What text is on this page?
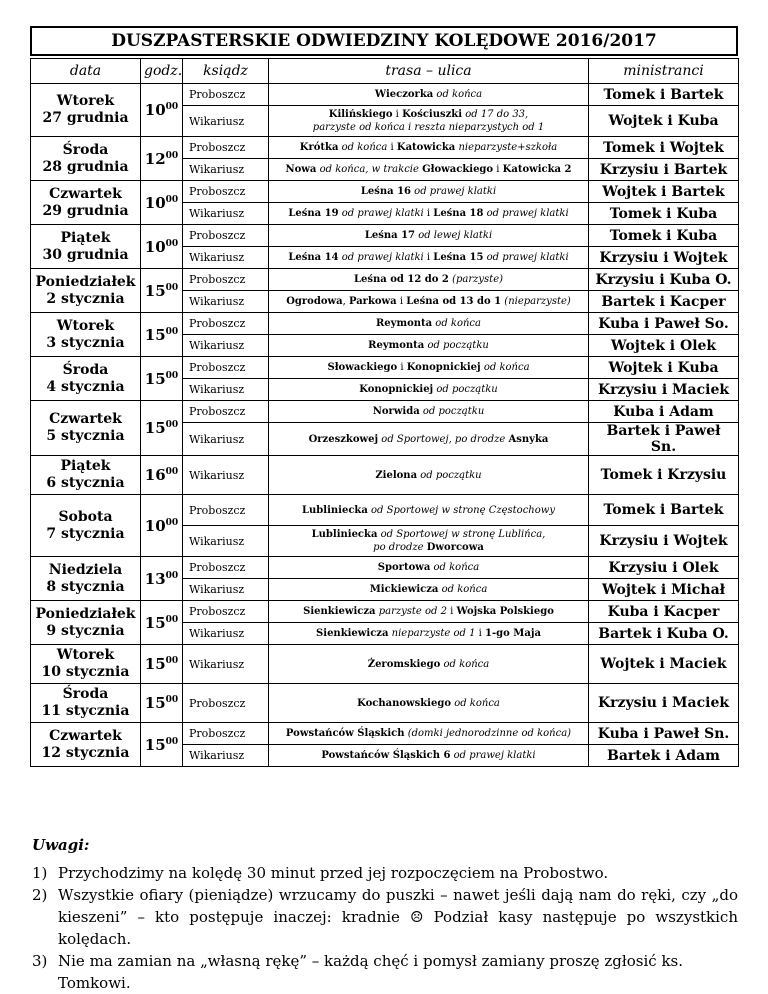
DUSZPASTERSKIE ODWIEDZINY KOLĘDOWE 2016/2017
data	godz.	ksiądz	trasa – ulica	ministranci

Wtorek
27 grudnia	$10^{00}$	Proboszcz	Wieczorka od końca	Tomek i Bartek
		Wikariusz	Kilińskiego i Kościuszki od 17 do 33,
parzyste od końca i reszta nieparzystych od 1	Wojtek i Kuba

Środa
28 grudnia	$12^{00}$	Proboszcz	Krótka od końca i Katowicka nieparzyste+szkoła	Tomek i Wojtek
		Wikariusz	Nowa od końca, w trakcie Głowackiego i Katowicka 2	Krzysiu i Bartek

Czwartek
29 grudnia	$10^{00}$	Proboszcz	Leśna 16 od prawej klatki	Wojtek i Bartek
		Wikariusz	Leśna 19 od prawej klatki i Leśna 18 od prawej klatki	Tomek i Kuba

Piątek
30 grudnia	$10^{00}$	Proboszcz	Leśna 17 od lewej klatki	Tomek i Kuba
		Wikariusz	Leśna 14 od prawej klatki i Leśna 15 od prawej klatki	Krzysiu i Wojtek

Poniedziałek
2 stycznia	$15^{00}$	Proboszcz	Leśna od 12 do 2 (parzyste)	Krzysiu i Kuba O.
		Wikariusz	Ogrodowa, Parkowa i Leśna od 13 do 1 (nieparzyste)	Bartek i Kacper

Wtorek
3 stycznia	$15^{00}$	Proboszcz	Reymonta od końca	Kuba i Paweł So.
		Wikariusz	Reymonta od początku	Wojtek i Olek

Środa
4 stycznia	$15^{00}$	Proboszcz	Słowackiego i Konopnickiej od końca	Wojtek i Kuba
		Wikariusz	Konopnickiej od początku	Krzysiu i Maciek

Czwartek
5 stycznia	$15^{00}$	Proboszcz	Norwida od początku	Kuba i Adam
		Wikariusz	Orzeszkowej od Sportowej, po drodze Asnyka	Bartek i Paweł Sn.

Piątek
6 stycznia	$16^{00}$	Wikariusz	Zielona od początku	Tomek i Krzysiu

Sobota
7 stycznia	$10^{00}$	Proboszcz	Lubliniecka od Sportowej w stronę Częstochowy	Tomek i Bartek
		Wikariusz	Lubliniecka od Sportowej w stronę Lublińca,
po drodze Dworcowa	Krzysiu i Wojtek

Niedziela
8 stycznia	$13^{00}$	Proboszcz	Sportowa od końca	Krzysiu i Olek
		Wikariusz	Mickiewicza od końca	Wojtek i Michał

Poniedziałek
9 stycznia	$15^{00}$	Proboszcz	Sienkiewicza parzyste od 2 i Wojska Polskiego	Kuba i Kacper
		Wikariusz	Sienkiewicza nieparzyste od 1 i 1-go Maja	Bartek i Kuba O.

Wtorek
10 stycznia	$15^{00}$	Wikariusz	Żeromskiego od końca	Wojtek i Maciek

Środa
11 stycznia	$15^{00}$	Proboszcz	Kochanowskiego od końca	Krzysiu i Maciek

Czwartek
12 stycznia	$15^{00}$	Proboszcz	Powstańców Śląskich (domki jednorodzinne od końca)	Kuba i Paweł Sn.
		Wikariusz	Powstańców Śląskich 6 od prawej klatki	Bartek i Adam
Uwagi:
1) Przychodzimy na kolędę 30 minut przed jej rozpoczęciem na Probostwo.
2) Wszystkie ofiary (pieniądze) wrzucamy do puszki – nawet jeśli dają nam do ręki, czy „do kieszeni” – kto postępuje inaczej: kradnie ☹ Podział kasy następuje po wszystkich kolędach.
3) Nie ma zamian na „własną rękę” – każdą chęć i pomysł zamiany proszę zgłosić ks. Tomkowi.
